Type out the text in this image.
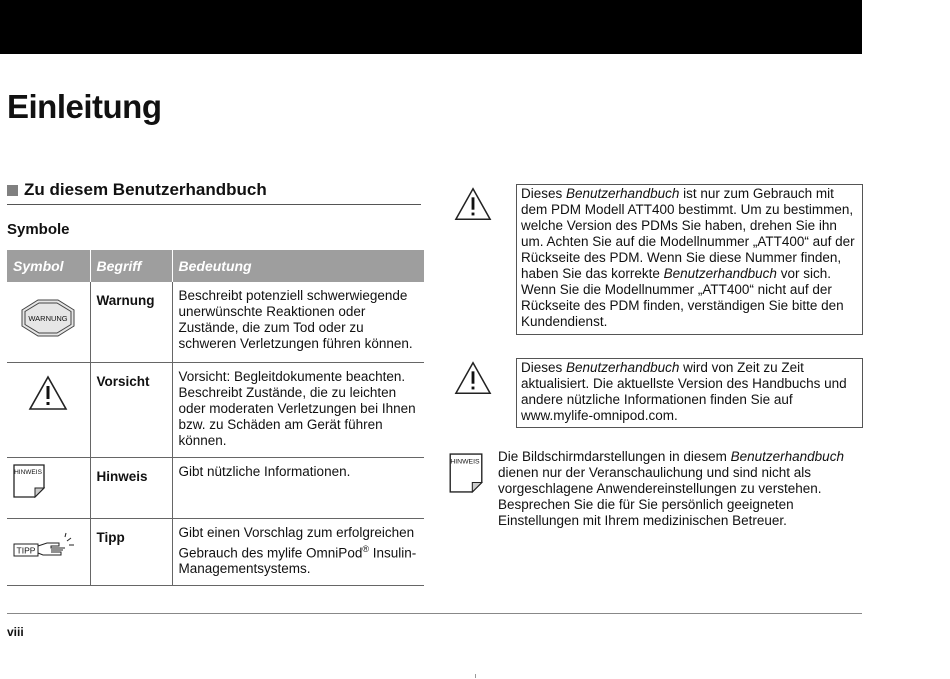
Einleitung
Zu diesem Benutzerhandbuch
Symbole
Symbol	Begriff	Bedeutung

WARNUNG	Warnung	Beschreibt potenziell schwerwiegende unerwünschte Reaktionen oder Zustände, die zum Tod oder zu schweren Verletzungen führen können.

	Vorsicht	Vorsicht: Begleitdokumente beachten. Beschreibt Zustände, die zu leichten oder moderaten Verletzungen bei Ihnen bzw. zu Schäden am Gerät führen können.

HINWEIS	Hinweis	Gibt nützliche Informationen.

TIPP	Tipp	Gibt einen Vorschlag zum erfolgreichen Gebrauch des mylife OmniPod® Insulin-Managementsystems.
Dieses Benutzerhandbuch ist nur zum Gebrauch mit dem PDM Modell ATT400 bestimmt. Um zu bestimmen, welche Version des PDMs Sie haben, drehen Sie ihn um. Achten Sie auf die Modellnummer „ATT400“ auf der Rückseite des PDM. Wenn Sie diese Nummer finden, haben Sie das korrekte Benutzerhandbuch vor sich. Wenn Sie die Modellnummer „ATT400“ nicht auf der Rückseite des PDM finden, verständigen Sie bitte den Kundendienst.
Dieses Benutzerhandbuch wird von Zeit zu Zeit aktualisiert. Die aktuellste Version des Handbuchs und andere nützliche Informationen finden Sie auf www.mylife-omnipod.com.
HINWEIS Die Bildschirmdarstellungen in diesem Benutzerhandbuch dienen nur der Veranschaulichung und sind nicht als vorgeschlagene Anwendereinstellungen zu verstehen. Besprechen Sie die für Sie persönlich geeigneten Einstellungen mit Ihrem medizinischen Betreuer.
viii
